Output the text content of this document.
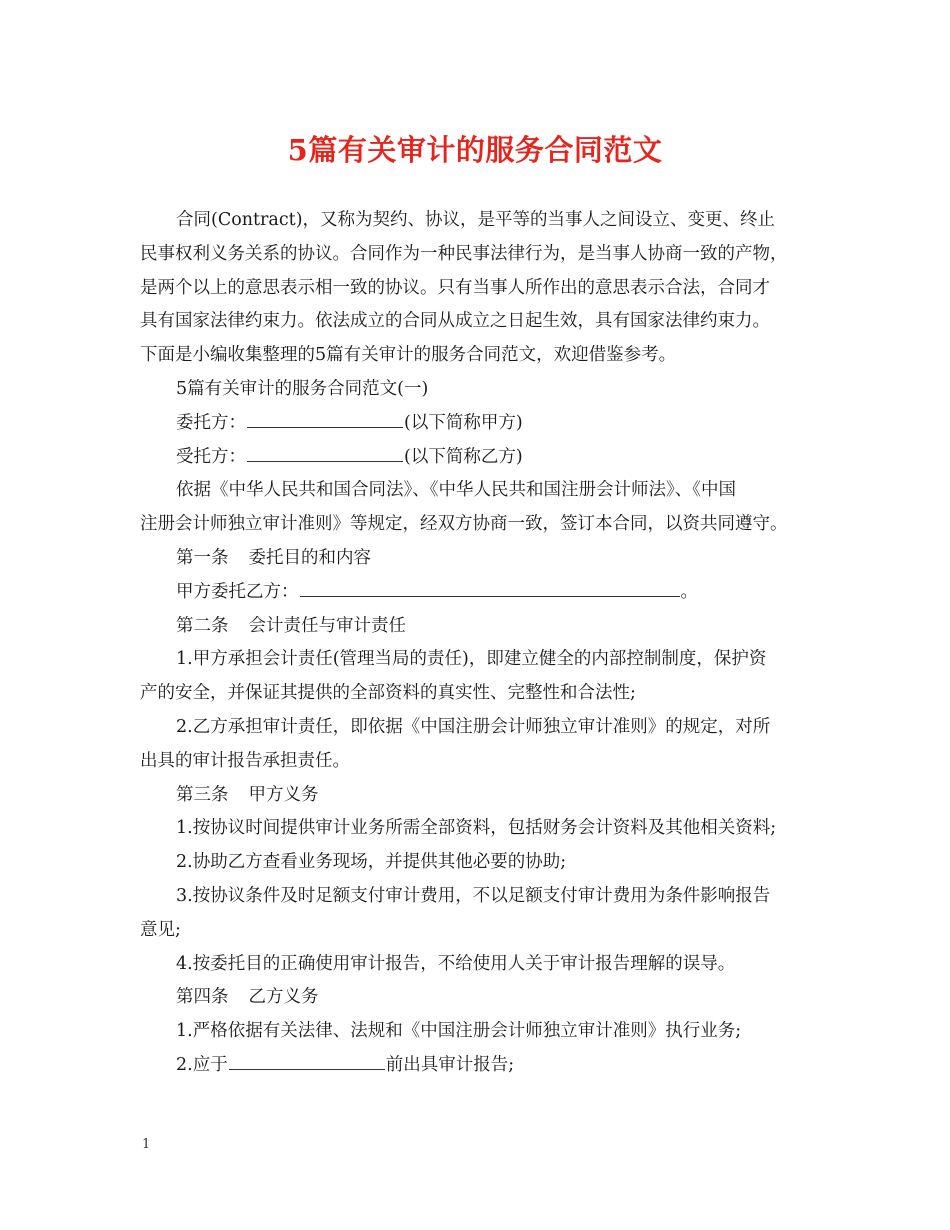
5篇有关审计的服务合同范文
合同(Contract)，又称为契约、协议，是平等的当事人之间设立、变更、终止
民事权利义务关系的协议。合同作为一种民事法律行为，是当事人协商一致的产物，
是两个以上的意思表示相一致的协议。只有当事人所作出的意思表示合法，合同才
具有国家法律约束力。依法成立的合同从成立之日起生效，具有国家法律约束力。
下面是小编收集整理的5篇有关审计的服务合同范文，欢迎借鉴参考。
5篇有关审计的服务合同范文(一)
委托方：	(以下简称甲方)
受托方：	(以下简称乙方)
依据《中华人民共和国合同法》、《中华人民共和国注册会计师法》、《中国
注册会计师独立审计准则》等规定，经双方协商一致，签订本合同，以资共同遵守。
第一条 委托目的和内容
甲方委托乙方：	。
第二条 会计责任与审计责任
1.甲方承担会计责任(管理当局的责任)，即建立健全的内部控制制度，保护资
产的安全，并保证其提供的全部资料的真实性、完整性和合法性;
2.乙方承担审计责任，即依据《中国注册会计师独立审计准则》的规定，对所
出具的审计报告承担责任。
第三条 甲方义务
1.按协议时间提供审计业务所需全部资料，包括财务会计资料及其他相关资料;
2.协助乙方查看业务现场，并提供其他必要的协助;
3.按协议条件及时足额支付审计费用，不以足额支付审计费用为条件影响报告
意见;
4.按委托目的正确使用审计报告，不给使用人关于审计报告理解的误导。
第四条 乙方义务
1.严格依据有关法律、法规和《中国注册会计师独立审计准则》执行业务;
2.应于	前出具审计报告;
1
